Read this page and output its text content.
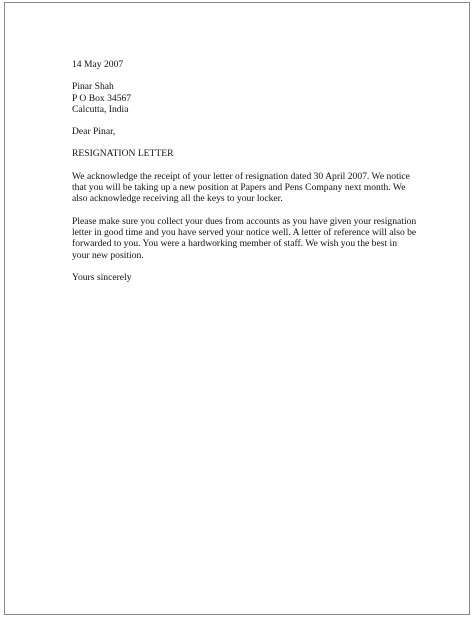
14 May 2007
Pinar Shah
P O Box 34567
Calcutta, India
Dear Pinar,
RESIGNATION LETTER
We acknowledge the receipt of your letter of resignation dated 30 April 2007. We notice
that you will be taking up a new position at Papers and Pens Company next month. We
also acknowledge receiving all the keys to your locker.
Please make sure you collect your dues from accounts as you have given your resignation
letter in good time and you have served your notice well. A letter of reference will also be
forwarded to you. You were a hardworking member of staff. We wish you the best in
your new position.
Yours sincerely
